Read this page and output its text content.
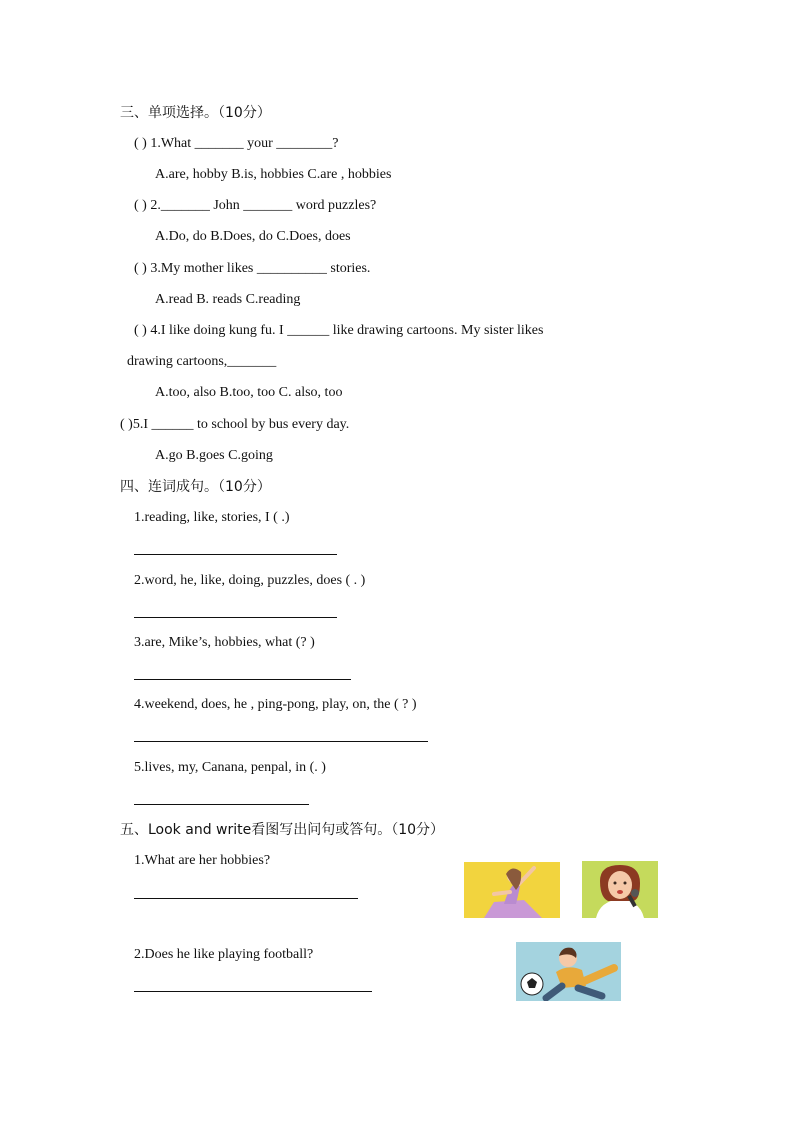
三、单项选择。（10分）
( ) 1.What _______ your ________?
A.are, hobby B.is, hobbies C.are , hobbies
( ) 2._______ John _______ word puzzles?
A.Do, do B.Does, do C.Does, does
( ) 3.My mother likes __________ stories.
A.read B. reads C.reading
( ) 4.I like doing kung fu. I ______ like drawing cartoons. My sister likes
drawing cartoons,_______
A.too, also B.too, too C. also, too
( )5.I ______ to school by bus every day.
A.go B.goes C.going
四、连词成句。（10分）
1.reading, like, stories, I ( .)
2.word, he, like, doing, puzzles, does ( . )
3.are, Mike’s, hobbies, what (? )
4.weekend, does, he , ping-pong, play, on, the ( ? )
5.lives, my, Canana, penpal, in (. )
五、Look and write看图写出问句或答句。（10分）
1.What are her hobbies?
2.Does he like playing football?
